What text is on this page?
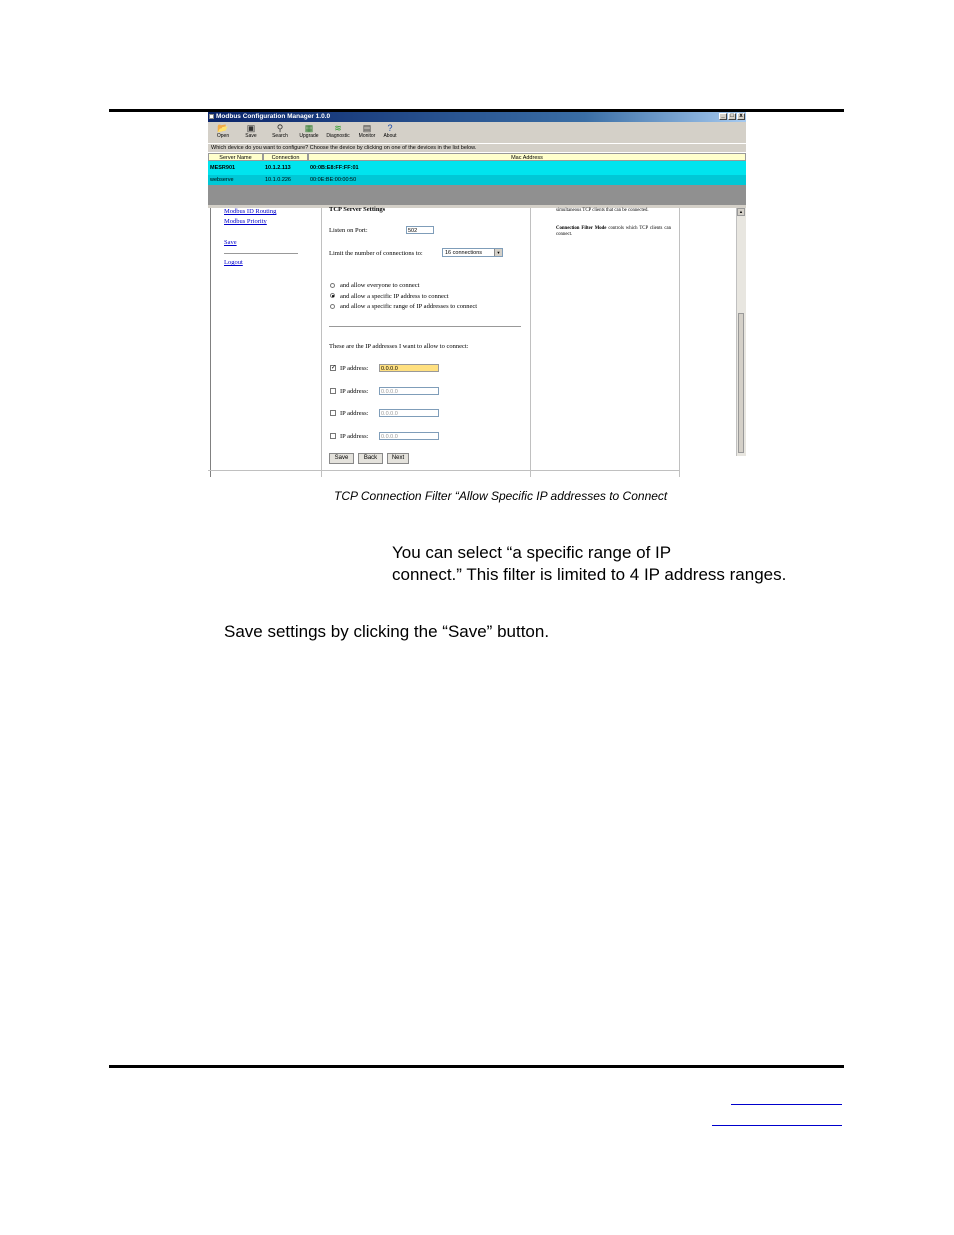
Modbus Configuration Manager 1.0.0	_ □ x
📂
Open
▣
Save
⚲
Search
▦
Upgrade
≋
Diagnostic
▤
Monitor
?
About
Which device do you want to configure? Choose the device by clicking on one of the devices in the list below.
Server Name	Connection	Mac Address
MESR901	10.1.2.113	00:0B:E8:FF:FF:01
webserve	10.1.0.226	00:0E:BE:00:00:50
Modbus ID Routing
Modbus Priority
Save
Logout
TCP Server Settings
Listen on Port:	502
Limit the number of connections to:	16 connections	▼
and allow everyone to connect
and allow a specific IP address to connect
and allow a specific range of IP addresses to connect
These are the IP addresses I want to allow to connect:
✓ IP address:	0.0.0.0
IP address:	0.0.0.0
IP address:	0.0.0.0
IP address:	0.0.0.0
Save	Back	Next
simultaneous TCP clients that can be connected.
Connection Filter Mode controls which TCP clients can connect.
▲
TCP Connection Filter “Allow Specific IP addresses to Connect
You can select “a specific range of IP
connect.” This filter is limited to 4 IP address ranges.
Save settings by clicking the “Save” button.
